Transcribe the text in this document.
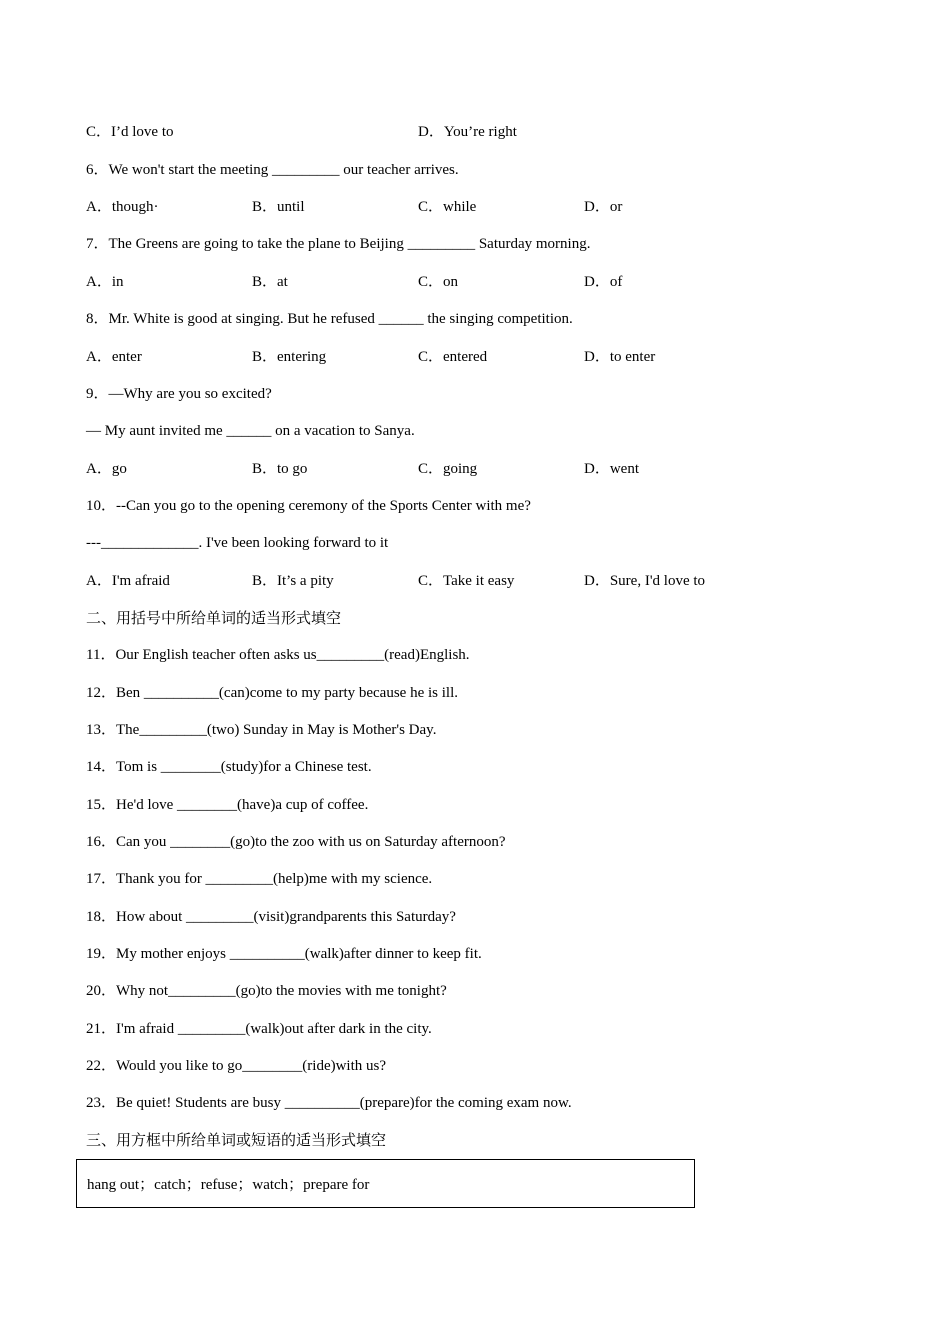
C．I’d love to	D．You’re right
6．We won't start the meeting _________ our teacher arrives.
A．though·	B．until	C．while	D．or
7．The Greens are going to take the plane to Beijing _________ Saturday morning.
A．in	B．at	C．on	D．of
8．Mr. White is good at singing. But he refused ______ the singing competition.
A．enter	B．entering	C．entered	D．to enter
9．—Why are you so excited?
— My aunt invited me ______ on a vacation to Sanya.
A．go	B．to go	C．going	D．went
10．--Can you go to the opening ceremony of the Sports Center with me?
---_____________. I've been looking forward to it
A．I'm afraid	B．It’s a pity	C．Take it easy	D．Sure, I'd love to
二、用括号中所给单词的适当形式填空
11．Our English teacher often asks us_________(read)English.
12．Ben __________(can)come to my party because he is ill.
13．The_________(two) Sunday in May is Mother's Day.
14．Tom is ________(study)for a Chinese test.
15．He'd love ________(have)a cup of coffee.
16．Can you ________(go)to the zoo with us on Saturday afternoon?
17．Thank you for _________(help)me with my science.
18．How about _________(visit)grandparents this Saturday?
19．My mother enjoys __________(walk)after dinner to keep fit.
20．Why not_________(go)to the movies with me tonight?
21．I'm afraid _________(walk)out after dark in the city.
22．Would you like to go________(ride)with us?
23．Be quiet! Students are busy __________(prepare)for the coming exam now.
三、用方框中所给单词或短语的适当形式填空
hang out；catch；refuse；watch；prepare for
